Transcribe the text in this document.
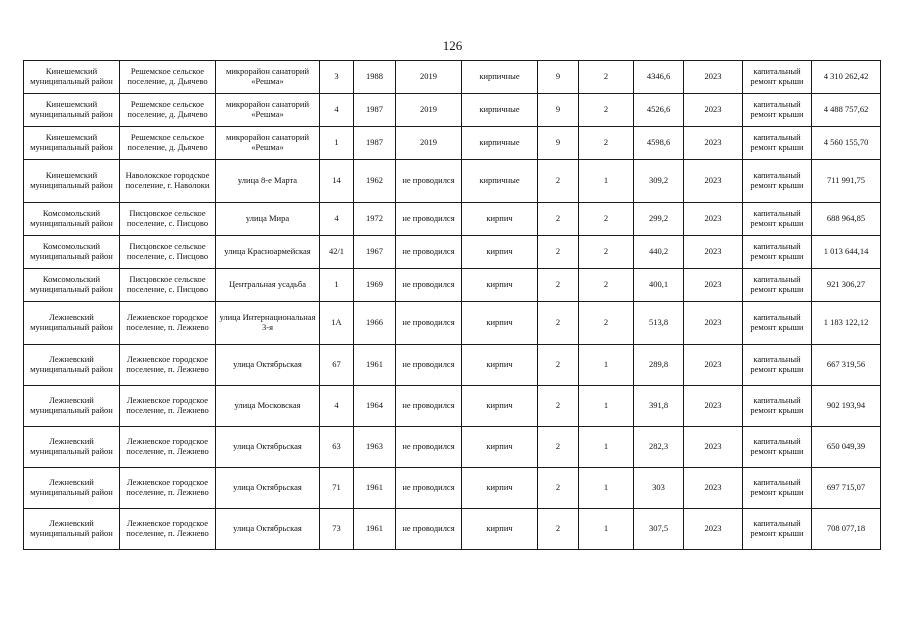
126
Кинешемский муниципальный район	Решемское сельское поселение, д. Дьячево	микрорайон санаторий «Решма»	3	1988	2019	кирпичные	9	2	4346,6	2023	капитальный ремонт крыши	4 310 262,42
Кинешемский муниципальный район	Решемское сельское поселение, д. Дьячево	микрорайон санаторий «Решма»	4	1987	2019	кирпичные	9	2	4526,6	2023	капитальный ремонт крыши	4 488 757,62
Кинешемский муниципальный район	Решемское сельское поселение, д. Дьячево	микрорайон санаторий «Решма»	1	1987	2019	кирпичные	9	2	4598,6	2023	капитальный ремонт крыши	4 560 155,70
Кинешемский муниципальный район	Наволокское городское поселение, г. Наволоки	улица 8-е Марта	14	1962	не проводился	кирпичные	2	1	309,2	2023	капитальный ремонт крыши	711 991,75
Комсомольский муниципальный район	Писцовское сельское поселение, с. Писцово	улица Мира	4	1972	не проводился	кирпич	2	2	299,2	2023	капитальный ремонт крыши	688 964,85
Комсомольский муниципальный район	Писцовское сельское поселение, с. Писцово	улица Красноармейская	42/1	1967	не проводился	кирпич	2	2	440,2	2023	капитальный ремонт крыши	1 013 644,14
Комсомольский муниципальный район	Писцовское сельское поселение, с. Писцово	Центральная усадьба	1	1969	не проводился	кирпич	2	2	400,1	2023	капитальный ремонт крыши	921 306,27
Лежневский муниципальный район	Лежневское городское поселение, п. Лежнево	улица Интернациональная 3-я	1А	1966	не проводился	кирпич	2	2	513,8	2023	капитальный ремонт крыши	1 183 122,12
Лежневский муниципальный район	Лежневское городское поселение, п. Лежнево	улица Октябрьская	67	1961	не проводился	кирпич	2	1	289,8	2023	капитальный ремонт крыши	667 319,56
Лежневский муниципальный район	Лежневское городское поселение, п. Лежнево	улица Московская	4	1964	не проводился	кирпич	2	1	391,8	2023	капитальный ремонт крыши	902 193,94
Лежневский муниципальный район	Лежневское городское поселение, п. Лежнево	улица Октябрьская	63	1963	не проводился	кирпич	2	1	282,3	2023	капитальный ремонт крыши	650 049,39
Лежневский муниципальный район	Лежневское городское поселение, п. Лежнево	улица Октябрьская	71	1961	не проводился	кирпич	2	1	303	2023	капитальный ремонт крыши	697 715,07
Лежневский муниципальный район	Лежневское городское поселение, п. Лежнево	улица Октябрьская	73	1961	не проводился	кирпич	2	1	307,5	2023	капитальный ремонт крыши	708 077,18
